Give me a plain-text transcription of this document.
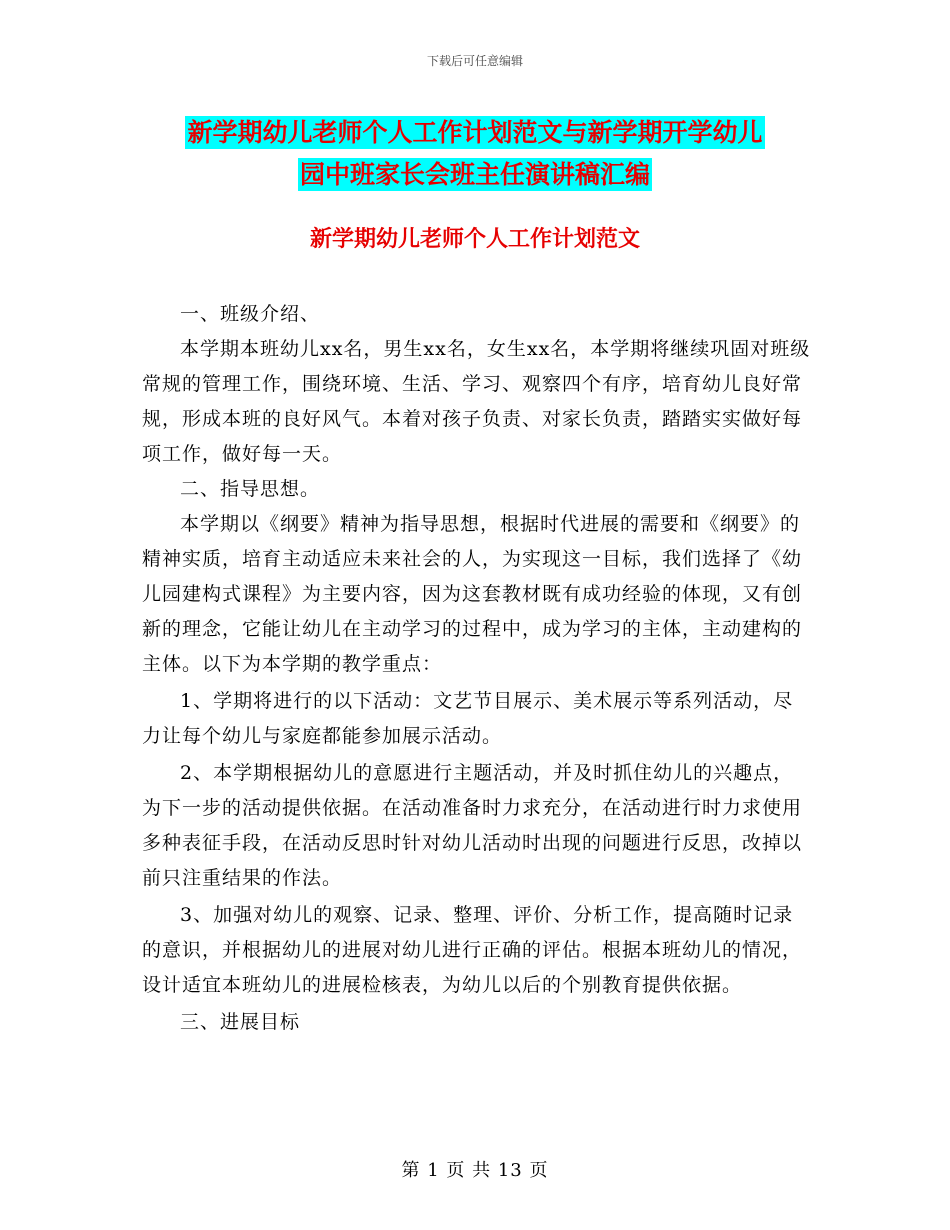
下载后可任意编辑
新学期幼儿老师个人工作计划范文与新学期开学幼儿
园中班家长会班主任演讲稿汇编
新学期幼儿老师个人工作计划范文

一、班级介绍、

本学期本班幼儿xx名，男生xx名，女生xx名，本学期将继续巩固对班级常规的管理工作，围绕环境、生活、学习、观察四个有序，培育幼儿良好常规，形成本班的良好风气。本着对孩子负责、对家长负责，踏踏实实做好每项工作，做好每一天。

二、指导思想。

本学期以《纲要》精神为指导思想，根据时代进展的需要和《纲要》的精神实质，培育主动适应未来社会的人，为实现这一目标，我们选择了《幼儿园建构式课程》为主要内容，因为这套教材既有成功经验的体现，又有创新的理念，它能让幼儿在主动学习的过程中，成为学习的主体，主动建构的主体。以下为本学期的教学重点：

1、学期将进行的以下活动：文艺节目展示、美术展示等系列活动，尽力让每个幼儿与家庭都能参加展示活动。

2、本学期根据幼儿的意愿进行主题活动，并及时抓住幼儿的兴趣点，为下一步的活动提供依据。在活动准备时力求充分，在活动进行时力求使用多种表征手段，在活动反思时针对幼儿活动时出现的问题进行反思，改掉以前只注重结果的作法。

3、加强对幼儿的观察、记录、整理、评价、分析工作，提高随时记录的意识，并根据幼儿的进展对幼儿进行正确的评估。根据本班幼儿的情况，设计适宜本班幼儿的进展检核表，为幼儿以后的个别教育提供依据。

三、进展目标

第 1 页 共 13 页
